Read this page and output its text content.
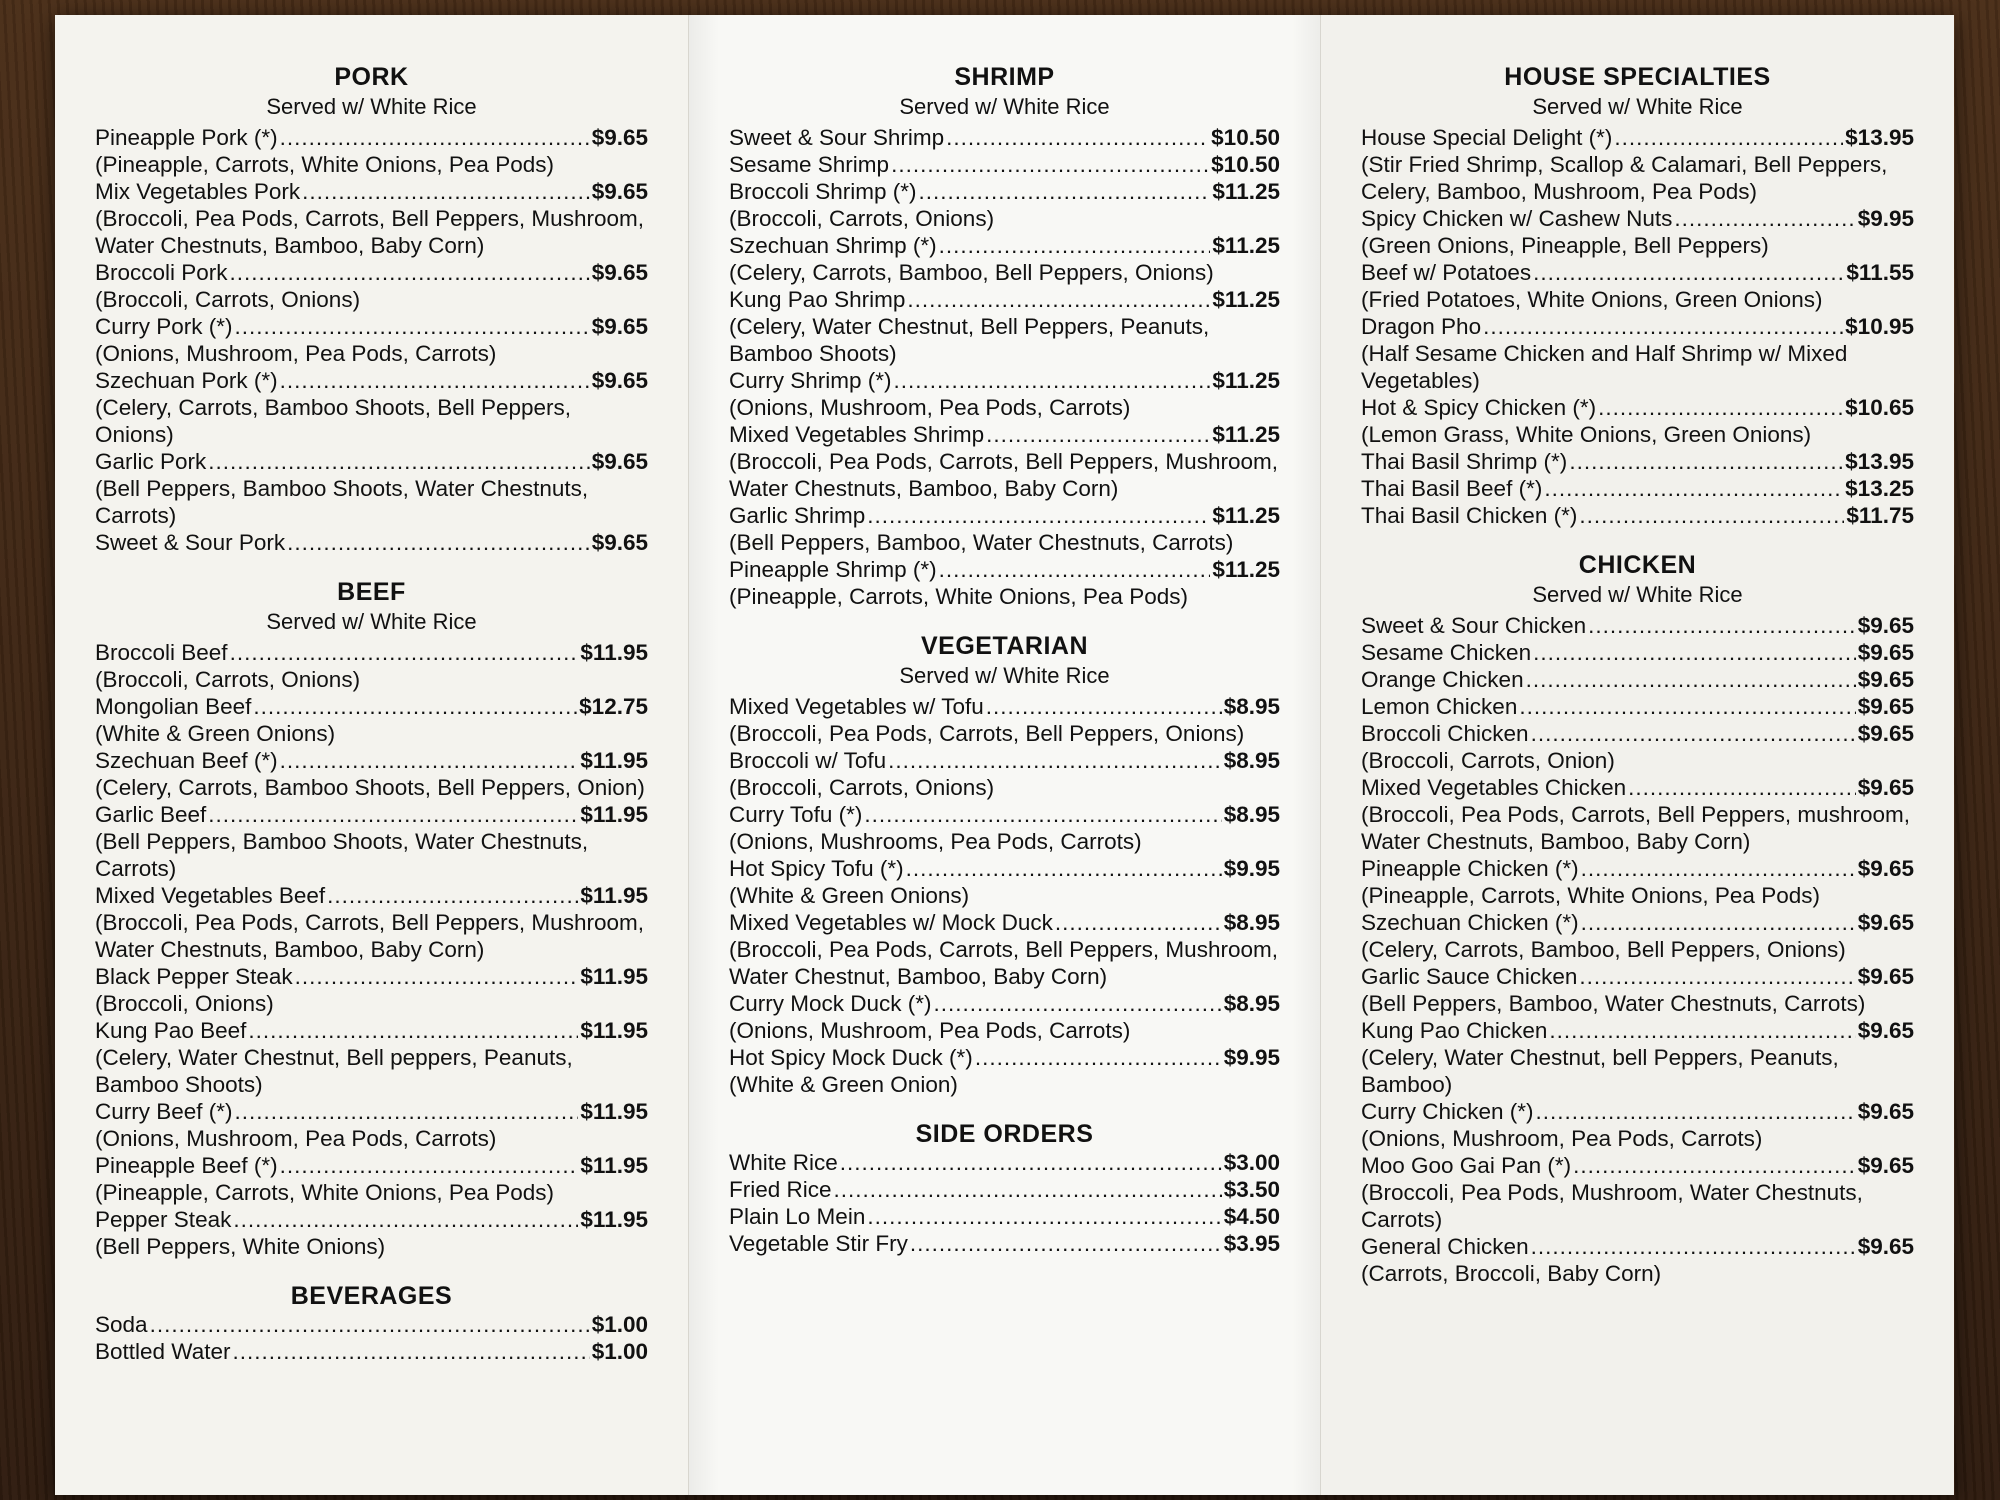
PORK
Served w/ White Rice
Pineapple Pork (*) .....	$9.65
(Pineapple, Carrots, White Onions, Pea Pods)
Mix Vegetables Pork .....	$9.65
(Broccoli, Pea Pods, Carrots, Bell Peppers, Mushroom, Water Chestnuts, Bamboo, Baby Corn)
Broccoli Pork .....	$9.65
(Broccoli, Carrots, Onions)
Curry Pork (*) .....	$9.65
(Onions, Mushroom, Pea Pods, Carrots)
Szechuan Pork (*) .....	$9.65
(Celery, Carrots, Bamboo Shoots, Bell Peppers, Onions)
Garlic Pork .....	$9.65
(Bell Peppers, Bamboo Shoots, Water Chestnuts, Carrots)
Sweet & Sour Pork .....	$9.65
BEEF
Served w/ White Rice
Broccoli Beef .....	$11.95
(Broccoli, Carrots, Onions)
Mongolian Beef .....	$12.75
(White & Green Onions)
Szechuan Beef (*) .....	$11.95
(Celery, Carrots, Bamboo Shoots, Bell Peppers, Onion)
Garlic Beef .....	$11.95
(Bell Peppers, Bamboo Shoots, Water Chestnuts, Carrots)
Mixed Vegetables Beef .....	$11.95
(Broccoli, Pea Pods, Carrots, Bell Peppers, Mushroom, Water Chestnuts, Bamboo, Baby Corn)
Black Pepper Steak .....	$11.95
(Broccoli, Onions)
Kung Pao Beef .....	$11.95
(Celery, Water Chestnut, Bell peppers, Peanuts, Bamboo Shoots)
Curry Beef (*) .....	$11.95
(Onions, Mushroom, Pea Pods, Carrots)
Pineapple Beef (*) .....	$11.95
(Pineapple, Carrots, White Onions, Pea Pods)
Pepper Steak .....	$11.95
(Bell Peppers, White Onions)
BEVERAGES
Soda .....	$1.00
Bottled Water .....	$1.00
SHRIMP
Served w/ White Rice
Sweet & Sour Shrimp .....	$10.50
Sesame Shrimp .....	$10.50
Broccoli Shrimp (*) .....	$11.25
(Broccoli, Carrots, Onions)
Szechuan Shrimp (*) .....	$11.25
(Celery, Carrots, Bamboo, Bell Peppers, Onions)
Kung Pao Shrimp .....	$11.25
(Celery, Water Chestnut, Bell Peppers, Peanuts, Bamboo Shoots)
Curry Shrimp (*) .....	$11.25
(Onions, Mushroom, Pea Pods, Carrots)
Mixed Vegetables Shrimp .....	$11.25
(Broccoli, Pea Pods, Carrots, Bell Peppers, Mushroom, Water Chestnuts, Bamboo, Baby Corn)
Garlic Shrimp .....	$11.25
(Bell Peppers, Bamboo, Water Chestnuts, Carrots)
Pineapple Shrimp (*) .....	$11.25
(Pineapple, Carrots, White Onions, Pea Pods)
VEGETARIAN
Served w/ White Rice
Mixed Vegetables w/ Tofu .....	$8.95
(Broccoli, Pea Pods, Carrots, Bell Peppers, Onions)
Broccoli w/ Tofu .....	$8.95
(Broccoli, Carrots, Onions)
Curry Tofu (*) .....	$8.95
(Onions, Mushrooms, Pea Pods, Carrots)
Hot Spicy Tofu (*) .....	$9.95
(White & Green Onions)
Mixed Vegetables w/ Mock Duck .....	$8.95
(Broccoli, Pea Pods, Carrots, Bell Peppers, Mushroom, Water Chestnut, Bamboo, Baby Corn)
Curry Mock Duck (*) .....	$8.95
(Onions, Mushroom, Pea Pods, Carrots)
Hot Spicy Mock Duck (*) .....	$9.95
(White & Green Onion)
SIDE ORDERS
White Rice .....	$3.00
Fried Rice .....	$3.50
Plain Lo Mein .....	$4.50
Vegetable Stir Fry .....	$3.95
HOUSE SPECIALTIES
Served w/ White Rice
House Special Delight (*) .....	$13.95
(Stir Fried Shrimp, Scallop & Calamari, Bell Peppers, Celery, Bamboo, Mushroom, Pea Pods)
Spicy Chicken w/ Cashew Nuts .....	$9.95
(Green Onions, Pineapple, Bell Peppers)
Beef w/ Potatoes .....	$11.55
(Fried Potatoes, White Onions, Green Onions)
Dragon Pho .....	$10.95
(Half Sesame Chicken and Half Shrimp w/ Mixed Vegetables)
Hot & Spicy Chicken (*) .....	$10.65
(Lemon Grass, White Onions, Green Onions)
Thai Basil Shrimp (*) .....	$13.95
Thai Basil Beef (*) .....	$13.25
Thai Basil Chicken (*) .....	$11.75
CHICKEN
Served w/ White Rice
Sweet & Sour Chicken .....	$9.65
Sesame Chicken .....	$9.65
Orange Chicken .....	$9.65
Lemon Chicken .....	$9.65
Broccoli Chicken .....	$9.65
(Broccoli, Carrots, Onion)
Mixed Vegetables Chicken .....	$9.65
(Broccoli, Pea Pods, Carrots, Bell Peppers, mushroom, Water Chestnuts, Bamboo, Baby Corn)
Pineapple Chicken (*) .....	$9.65
(Pineapple, Carrots, White Onions, Pea Pods)
Szechuan Chicken (*) .....	$9.65
(Celery, Carrots, Bamboo, Bell Peppers, Onions)
Garlic Sauce Chicken .....	$9.65
(Bell Peppers, Bamboo, Water Chestnuts, Carrots)
Kung Pao Chicken .....	$9.65
(Celery, Water Chestnut, bell Peppers, Peanuts, Bamboo)
Curry Chicken (*) .....	$9.65
(Onions, Mushroom, Pea Pods, Carrots)
Moo Goo Gai Pan (*) .....	$9.65
(Broccoli, Pea Pods, Mushroom, Water Chestnuts, Carrots)
General Chicken .....	$9.65
(Carrots, Broccoli, Baby Corn)
